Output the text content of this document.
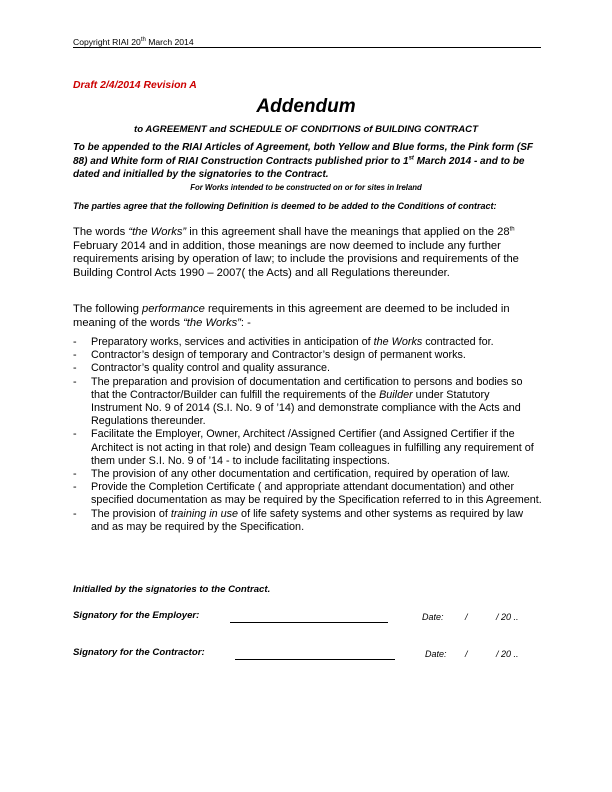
Copyright RIAI 20th March 2014
Draft 2/4/2014 Revision A
Addendum
to AGREEMENT and SCHEDULE OF CONDITIONS of BUILDING CONTRACT
To be appended to the RIAI Articles of Agreement, both Yellow and Blue forms, the Pink form (SF 88) and White form of RIAI Construction Contracts published prior to 1st March 2014 - and to be dated and initialled by the signatories to the Contract.
For Works intended to be constructed on or for sites in Ireland
The parties agree that the following Definition is deemed to be added to the Conditions of contract:
The words “the Works” in this agreement shall have the meanings that applied on the 28th February 2014 and in addition, those meanings are now deemed to include any further requirements arising by operation of law; to include the provisions and requirements of the Building Control Acts 1990 – 2007( the Acts) and all Regulations thereunder.
The following performance requirements in this agreement are deemed to be included in meaning of the words “the Works”: -
- Preparatory works, services and activities in anticipation of the Works contracted for.
- Contractor’s design of temporary and Contractor’s design of permanent works.
- Contractor’s quality control and quality assurance.
- The preparation and provision of documentation and certification to persons and bodies so that the Contractor/Builder can fulfill the requirements of the Builder under Statutory Instrument No. 9 of 2014 (S.I. No. 9 of ’14) and demonstrate compliance with the Acts and Regulations thereunder.
- Facilitate the Employer, Owner, Architect /Assigned Certifier (and Assigned Certifier if the Architect is not acting in that role) and design Team colleagues in fulfilling any requirement of them under S.I. No. 9 of ’14 - to include facilitating inspections.
- The provision of any other documentation and certification, required by operation of law.
- Provide the Completion Certificate ( and appropriate attendant documentation) and other specified documentation as may be required by the Specification referred to in this Agreement.
- The provision of training in use of life safety systems and other systems as required by law and as may be required by the Specification.
Initialled by the signatories to the Contract.
Signatory for the Employer:	Date: /	/ 20 ..
Signatory for the Contractor:	Date: /	/ 20 ..
